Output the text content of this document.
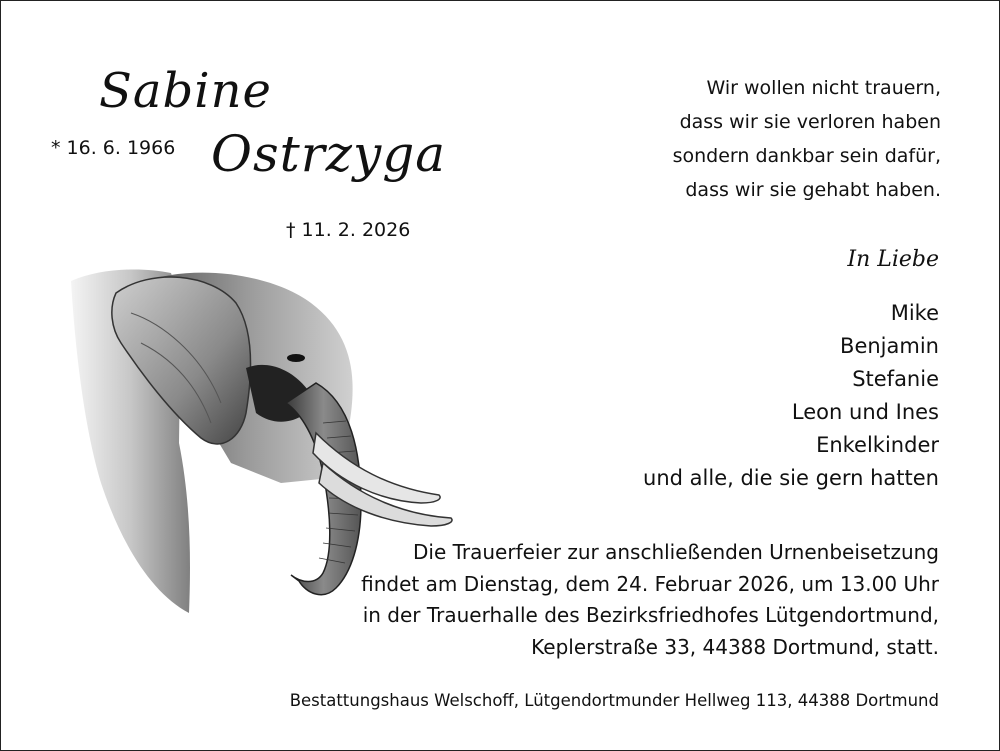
Sabine
Ostrzyga
* 16. 6. 1966
† 11. 2. 2026
Wir wollen nicht trauern,
dass wir sie verloren haben
sondern dankbar sein dafür,
dass wir sie gehabt haben.
In Liebe
Mike
Benjamin
Stefanie
Leon und Ines
Enkelkinder
und alle, die sie gern hatten
Die Trauerfeier zur anschließenden Urnenbeisetzung
findet am Dienstag, dem 24. Februar 2026, um 13.00 Uhr
in der Trauerhalle des Bezirksfriedhofes Lütgendortmund,
Keplerstraße 33, 44388 Dortmund, statt.
Bestattungshaus Welschoff, Lütgendortmunder Hellweg 113, 44388 Dortmund
